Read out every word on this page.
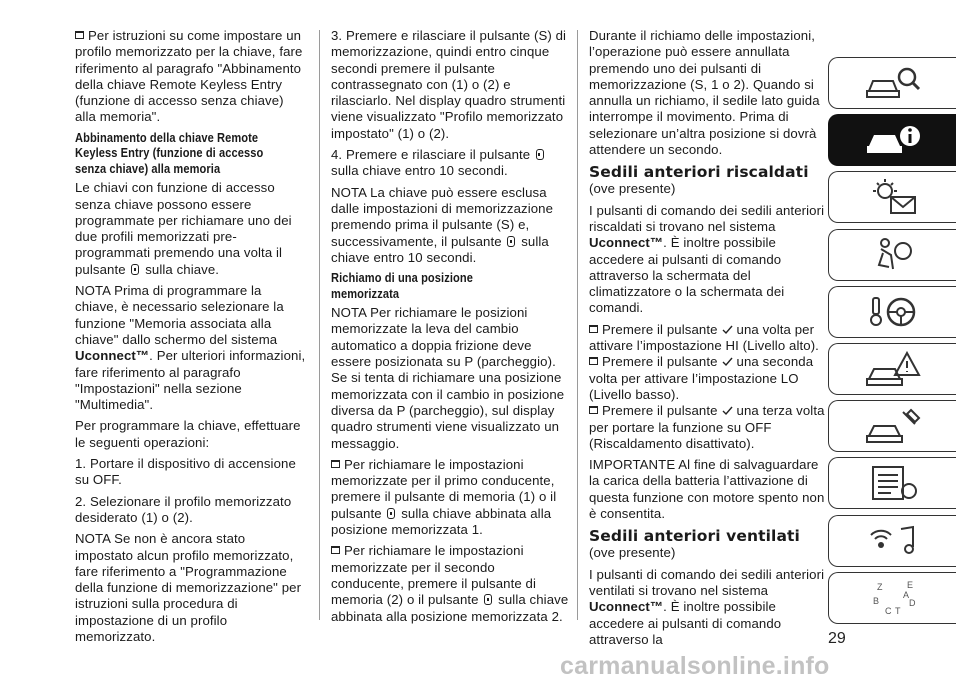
Per istruzioni su come impostare un profilo memorizzato per la chiave, fare riferimento al paragrafo "Abbinamento della chiave Remote Keyless Entry (funzione di accesso senza chiave) alla memoria".

Abbinamento della chiave Remote Keyless Entry (funzione di accesso senza chiave) alla memoria

Le chiavi con funzione di accesso senza chiave possono essere programmate per richiamare uno dei due profili memorizzati pre-programmati premendo una volta il pulsante sulla chiave.

NOTA Prima di programmare la chiave, è necessario selezionare la funzione "Memoria associata alla chiave" dallo schermo del sistema Uconnect™. Per ulteriori informazioni, fare riferimento al paragrafo "Impostazioni" nella sezione "Multimedia".

Per programmare la chiave, effettuare le seguenti operazioni:

1. Portare il dispositivo di accensione su OFF.

2. Selezionare il profilo memorizzato desiderato (1) o (2).

NOTA Se non è ancora stato impostato alcun profilo memorizzato, fare riferimento a "Programmazione della funzione di memorizzazione" per istruzioni sulla procedura di impostazione di un profilo memorizzato.

3. Premere e rilasciare il pulsante (S) di memorizzazione, quindi entro cinque secondi premere il pulsante contrassegnato con (1) o (2) e rilasciarlo. Nel display quadro strumenti viene visualizzato "Profilo memorizzato impostato" (1) o (2).

4. Premere e rilasciare il pulsante  sulla chiave entro 10 secondi.

NOTA La chiave può essere esclusa dalle impostazioni di memorizzazione premendo prima il pulsante (S) e, successivamente, il pulsante sulla chiave entro 10 secondi.

Richiamo di una posizione memorizzata

NOTA Per richiamare le posizioni memorizzate la leva del cambio automatico a doppia frizione deve essere posizionata su P (parcheggio). Se si tenta di richiamare una posizione memorizzata con il cambio in posizione diversa da P (parcheggio), sul display quadro strumenti viene visualizzato un messaggio.

Per richiamare le impostazioni memorizzate per il primo conducente, premere il pulsante di memoria (1) o il pulsante sulla chiave abbinata alla posizione memorizzata 1.

Per richiamare le impostazioni memorizzate per il secondo conducente, premere il pulsante di memoria (2) o il pulsante sulla chiave abbinata alla posizione memorizzata 2.

Durante il richiamo delle impostazioni, l’operazione può essere annullata premendo uno dei pulsanti di memorizzazione (S, 1 o 2). Quando si annulla un richiamo, il sedile lato guida interrompe il movimento. Prima di selezionare un’altra posizione si dovrà attendere un secondo.

Sedili anteriori riscaldati

(ove presente)

I pulsanti di comando dei sedili anteriori riscaldati si trovano nel sistema Uconnect™. È inoltre possibile accedere ai pulsanti di comando attraverso la schermata del climatizzatore o la schermata dei comandi.

Premere il pulsante una volta per attivare l’impostazione HI (Livello alto).

Premere il pulsante una seconda volta per attivare l’impostazione LO (Livello basso).

Premere il pulsante una terza volta per portare la funzione su OFF (Riscaldamento disattivato).

IMPORTANTE Al fine di salvaguardare la carica della batteria l’attivazione di questa funzione con motore spento non è consentita.

Sedili anteriori ventilati

(ove presente)

I pulsanti di comando dei sedili anteriori ventilati si trovano nel sistema Uconnect™. È inoltre possibile accedere ai pulsanti di comando attraverso la

Z	E
B	D
C T
A
29
carmanualsonline.info
